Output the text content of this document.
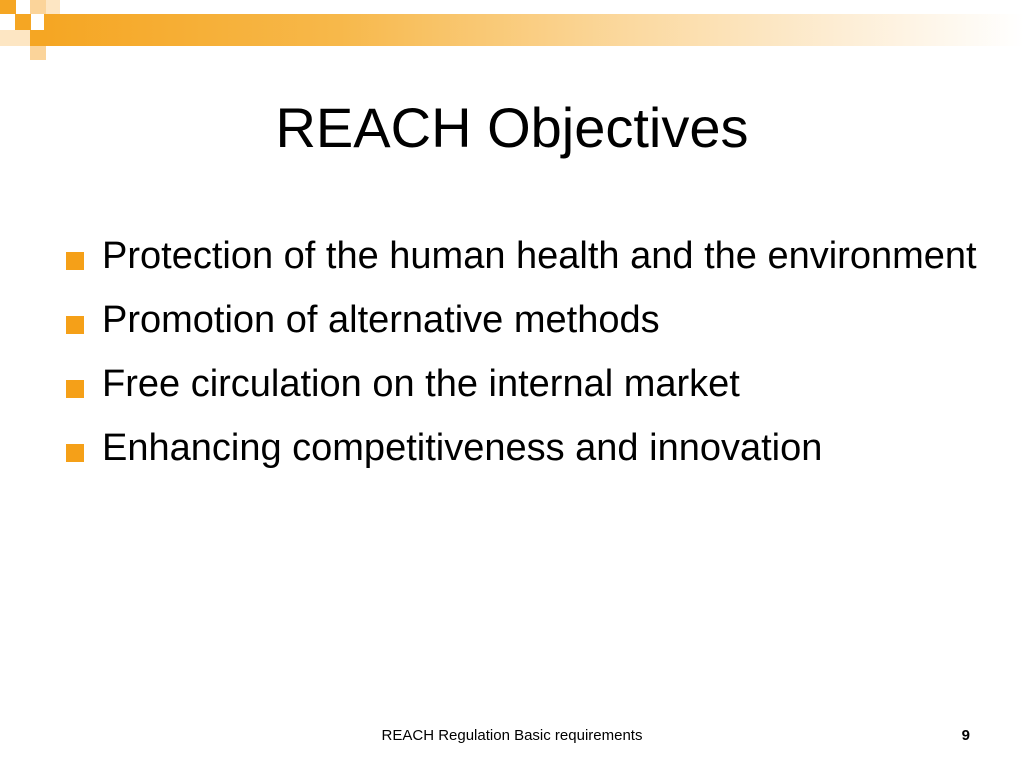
REACH Objectives
Protection of the human health and the environment
Promotion of alternative methods
Free circulation on the internal market
Enhancing competitiveness and innovation
REACH Regulation Basic requirements	9
